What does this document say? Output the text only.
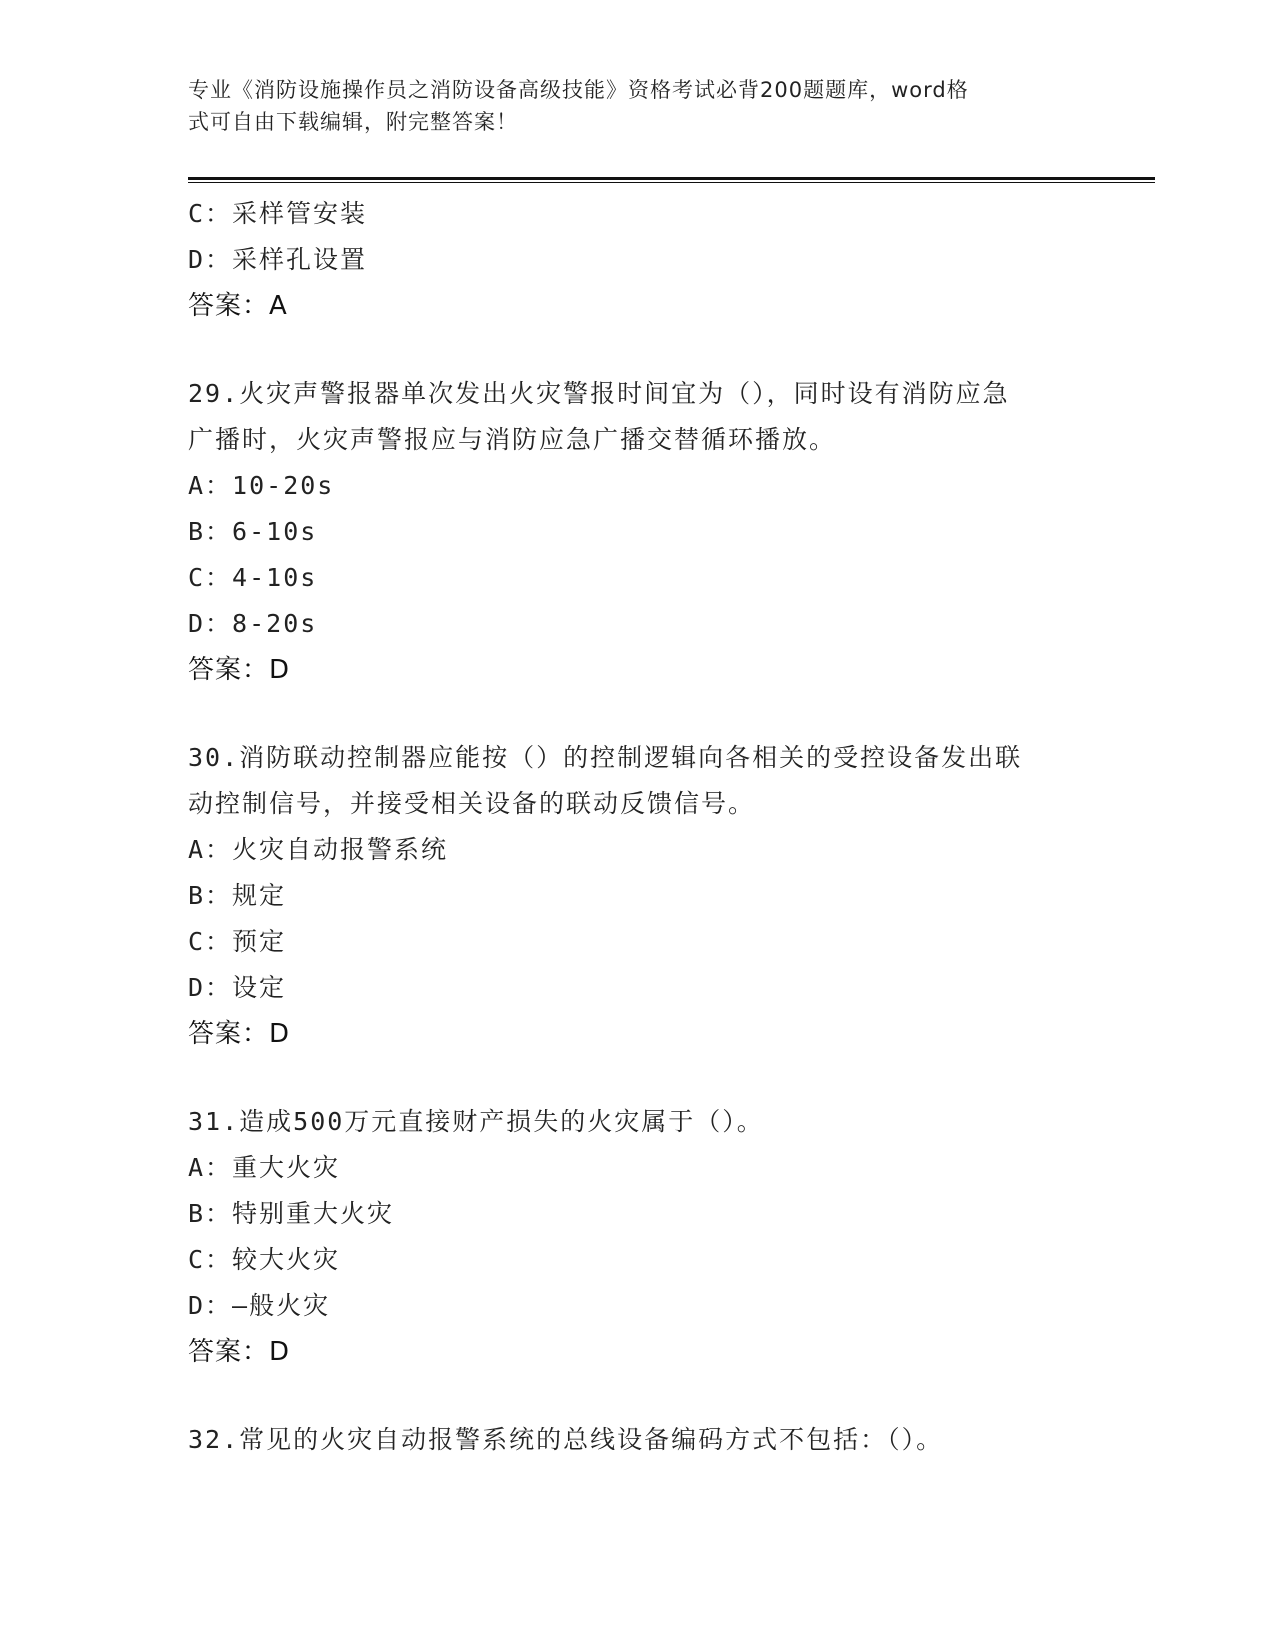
专业《消防设施操作员之消防设备高级技能》资格考试必背200题题库，word格
式可自由下载编辑，附完整答案！
C：采样管安装
D：采样孔设置
答案：A
29.火灾声警报器单次发出火灾警报时间宜为（），同时设有消防应急
广播时，火灾声警报应与消防应急广播交替循环播放。
A：10-20s
B：6-10s
C：4-10s
D：8-20s
答案：D
30.消防联动控制器应能按（）的控制逻辑向各相关的受控设备发出联
动控制信号，并接受相关设备的联动反馈信号。
A：火灾自动报警系统
B：规定
C：预定
D：设定
答案：D
31.造成500万元直接财产损失的火灾属于（）。
A：重大火灾
B：特别重大火灾
C：较大火灾
D：—般火灾
答案：D
32.常见的火灾自动报警系统的总线设备编码方式不包括：（）。
